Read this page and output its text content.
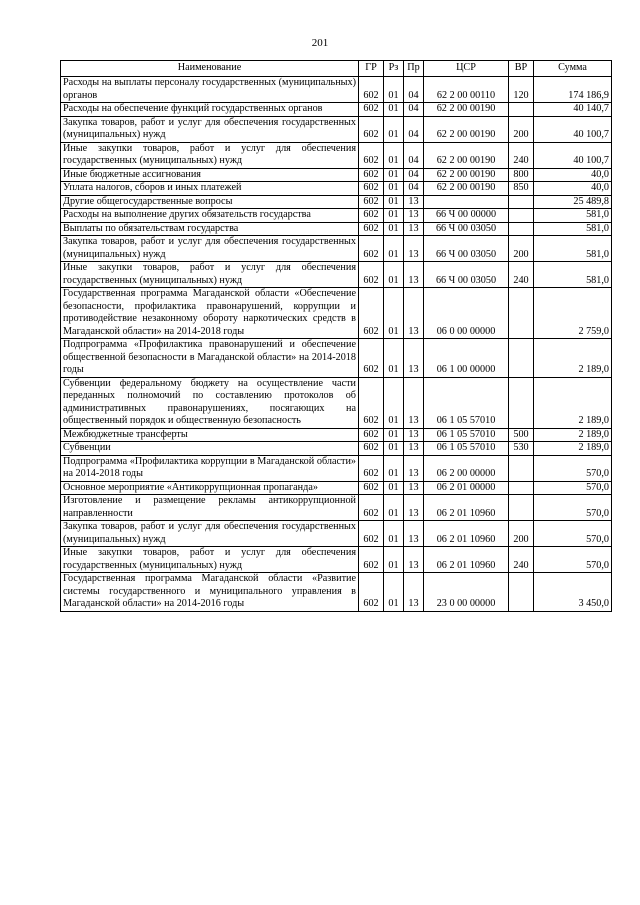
201
Наименование	ГР	Рз	Пр	ЦСР	ВР	Сумма
Расходы на выплаты персоналу государственных (муниципальных) органов	602	01	04	62 2 00 00110	120	174 186,9
Расходы на обеспечение функций государственных органов	602	01	04	62 2 00 00190		40 140,7
Закупка товаров, работ и услуг для обеспечения государственных (муниципальных) нужд	602	01	04	62 2 00 00190	200	40 100,7
Иные закупки товаров, работ и услуг для обеспечения государственных (муниципальных) нужд	602	01	04	62 2 00 00190	240	40 100,7
Иные бюджетные ассигнования	602	01	04	62 2 00 00190	800	40,0
Уплата налогов, сборов и иных платежей	602	01	04	62 2 00 00190	850	40,0
Другие общегосударственные вопросы	602	01	13			25 489,8
Расходы на выполнение других обязательств государства	602	01	13	66 Ч 00 00000		581,0
Выплаты по обязательствам государства	602	01	13	66 Ч 00 03050		581,0
Закупка товаров, работ и услуг для обеспечения государственных (муниципальных) нужд	602	01	13	66 Ч 00 03050	200	581,0
Иные закупки товаров, работ и услуг для обеспечения государственных (муниципальных) нужд	602	01	13	66 Ч 00 03050	240	581,0
Государственная программа Магаданской области «Обеспечение безопасности, профилактика правонарушений, коррупции и противодействие незаконному обороту наркотических средств в Магаданской области» на 2014-2018 годы	602	01	13	06 0 00 00000		2 759,0
Подпрограмма «Профилактика правонарушений и обеспечение общественной безопасности в Магаданской области» на 2014-2018 годы	602	01	13	06 1 00 00000		2 189,0
Субвенции федеральному бюджету на осуществление части переданных полномочий по составлению протоколов об административных правонарушениях, посягающих на общественный порядок и общественную безопасность	602	01	13	06 1 05 57010		2 189,0
Межбюджетные трансферты	602	01	13	06 1 05 57010	500	2 189,0
Субвенции	602	01	13	06 1 05 57010	530	2 189,0
Подпрограмма «Профилактика коррупции в Магаданской области» на 2014-2018 годы	602	01	13	06 2 00 00000		570,0
Основное мероприятие «Антикоррупционная пропаганда»	602	01	13	06 2 01 00000		570,0
Изготовление и размещение рекламы антикоррупционной направленности	602	01	13	06 2 01 10960		570,0
Закупка товаров, работ и услуг для обеспечения государственных (муниципальных) нужд	602	01	13	06 2 01 10960	200	570,0
Иные закупки товаров, работ и услуг для обеспечения государственных (муниципальных) нужд	602	01	13	06 2 01 10960	240	570,0
Государственная программа Магаданской области «Развитие системы государственного и муниципального управления в Магаданской области» на 2014-2016 годы	602	01	13	23 0 00 00000		3 450,0
